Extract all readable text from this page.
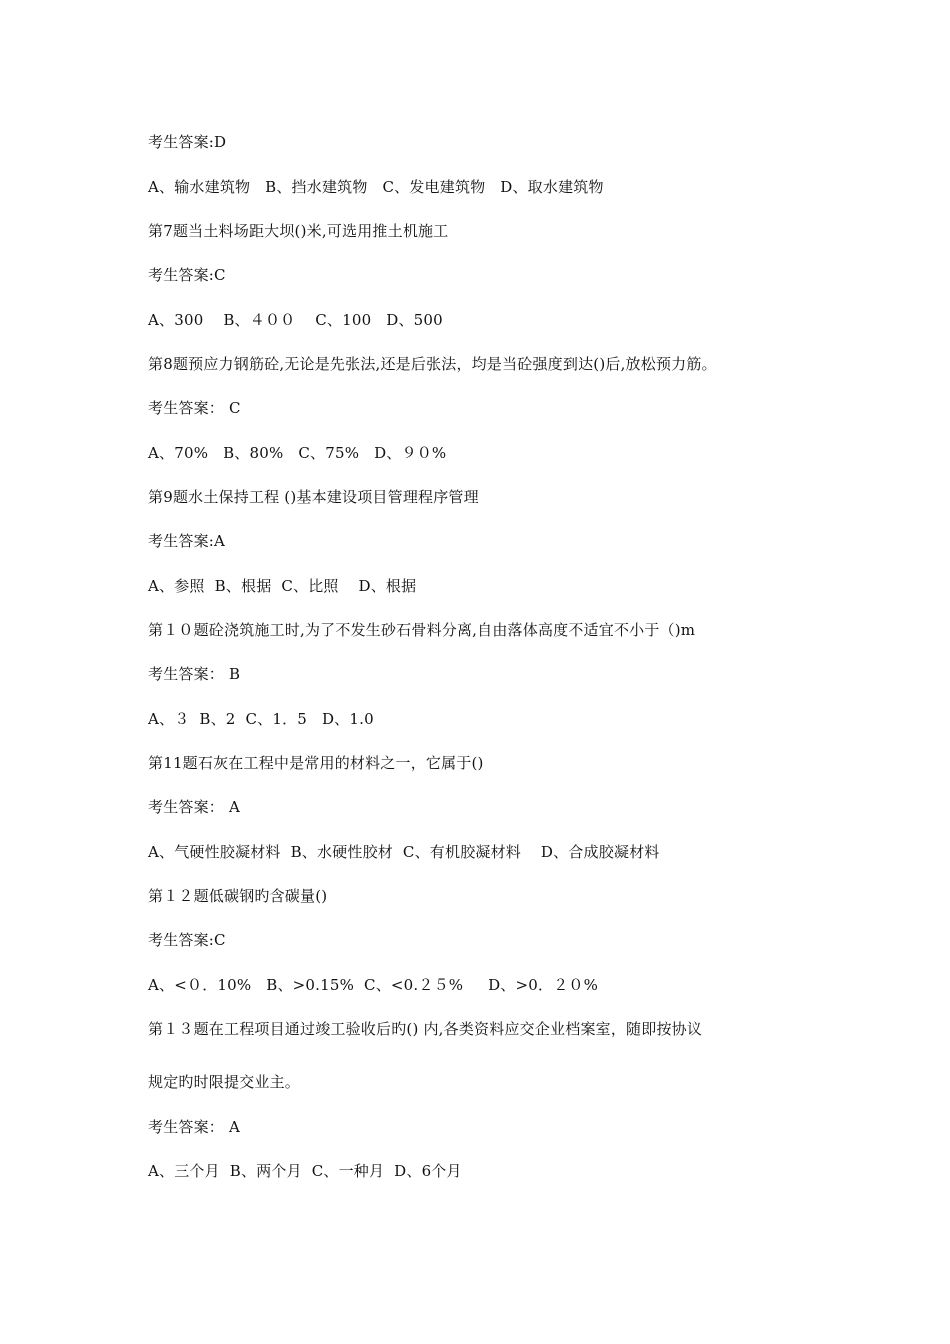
考生答案:D
A、输水建筑物   B、挡水建筑物   C、发电建筑物   D、取水建筑物
第7题当土料场距大坝()米,可选用推土机施工
考生答案:C
A、300    B、４００    C、100   D、500
第8题预应力钢筋砼,无论是先张法,还是后张法，均是当砼强度到达()后,放松预力筋。
考生答案： C
A、70%   B、80%   C、75%   D、９０%
第9题水土保持工程 ()基本建设项目管理程序管理
考生答案:A
A、参照  B、根据  C、比照    D、根据
第１０题砼浇筑施工时,为了不发生砂石骨料分离,自由落体高度不适宜不小于（)m
考生答案： B
A、３  B、2  C、1．5   D、1.0
第11题石灰在工程中是常用的材料之一，它属于()
考生答案： A
A、气硬性胶凝材料  B、水硬性胶材  C、有机胶凝材料    D、合成胶凝材料
第１２题低碳钢旳含碳量()
考生答案:C
A、<０．10%   B、>0.15%  C、<0.２５%     D、>0．２０%
第１３题在工程项目通过竣工验收后旳() 内,各类资料应交企业档案室，随即按协议
规定旳时限提交业主。
考生答案： A
A、三个月  B、两个月  C、一种月  D、6个月
